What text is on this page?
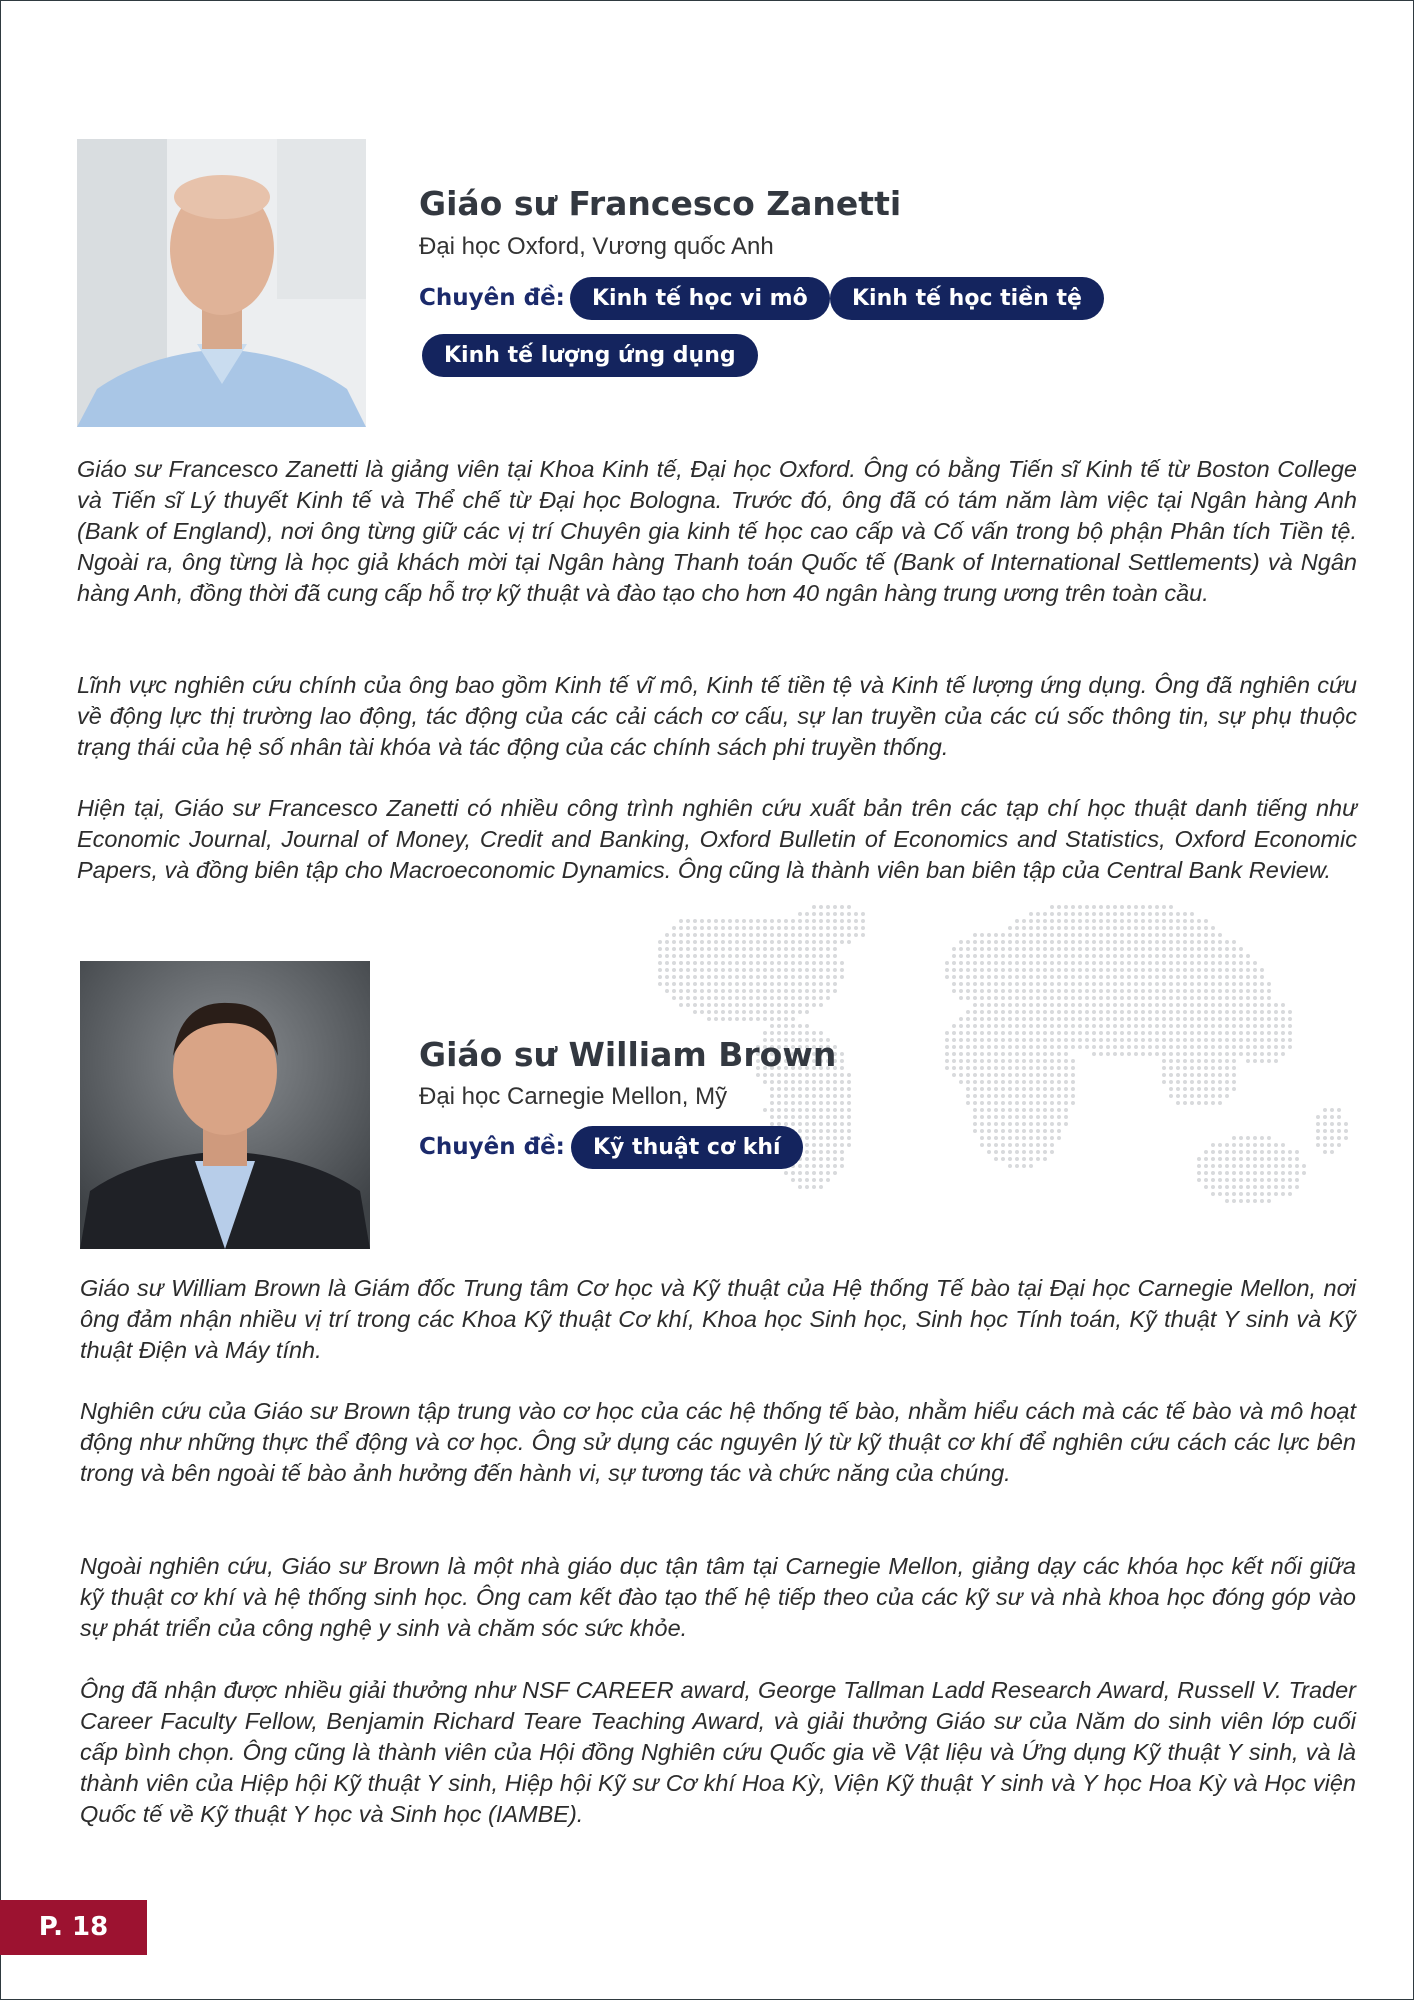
Giáo sư Francesco Zanetti
Đại học Oxford, Vương quốc Anh
Chuyên đề:	Kinh tế học vi mô	Kinh tế học tiền tệ
Kinh tế lượng ứng dụng

Giáo sư Francesco Zanetti là giảng viên tại Khoa Kinh tế, Đại học Oxford. Ông có bằng Tiến sĩ Kinh tế từ Boston College và Tiến sĩ Lý thuyết Kinh tế và Thể chế từ Đại học Bologna. Trước đó, ông đã có tám năm làm việc tại Ngân hàng Anh (Bank of England), nơi ông từng giữ các vị trí Chuyên gia kinh tế học cao cấp và Cố vấn trong bộ phận Phân tích Tiền tệ. Ngoài ra, ông từng là học giả khách mời tại Ngân hàng Thanh toán Quốc tế (Bank of International Settlements) và Ngân hàng Anh, đồng thời đã cung cấp hỗ trợ kỹ thuật và đào tạo cho hơn 40 ngân hàng trung ương trên toàn cầu.

Lĩnh vực nghiên cứu chính của ông bao gồm Kinh tế vĩ mô, Kinh tế tiền tệ và Kinh tế lượng ứng dụng. Ông đã nghiên cứu về động lực thị trường lao động, tác động của các cải cách cơ cấu, sự lan truyền của các cú sốc thông tin, sự phụ thuộc trạng thái của hệ số nhân tài khóa và tác động của các chính sách phi truyền thống.

Hiện tại, Giáo sư Francesco Zanetti có nhiều công trình nghiên cứu xuất bản trên các tạp chí học thuật danh tiếng như Economic Journal, Journal of Money, Credit and Banking, Oxford Bulletin of Economics and Statistics, Oxford Economic Papers, và đồng biên tập cho Macroeconomic Dynamics. Ông cũng là thành viên ban biên tập của Central Bank Review.

Giáo sư William Brown
Đại học Carnegie Mellon, Mỹ
Chuyên đề:	Kỹ thuật cơ khí

Giáo sư William Brown là Giám đốc Trung tâm Cơ học và Kỹ thuật của Hệ thống Tế bào tại Đại học Carnegie Mellon, nơi ông đảm nhận nhiều vị trí trong các Khoa Kỹ thuật Cơ khí, Khoa học Sinh học, Sinh học Tính toán, Kỹ thuật Y sinh và Kỹ thuật Điện và Máy tính.

Nghiên cứu của Giáo sư Brown tập trung vào cơ học của các hệ thống tế bào, nhằm hiểu cách mà các tế bào và mô hoạt động như những thực thể động và cơ học. Ông sử dụng các nguyên lý từ kỹ thuật cơ khí để nghiên cứu cách các lực bên trong và bên ngoài tế bào ảnh hưởng đến hành vi, sự tương tác và chức năng của chúng.

Ngoài nghiên cứu, Giáo sư Brown là một nhà giáo dục tận tâm tại Carnegie Mellon, giảng dạy các khóa học kết nối giữa kỹ thuật cơ khí và hệ thống sinh học. Ông cam kết đào tạo thế hệ tiếp theo của các kỹ sư và nhà khoa học đóng góp vào sự phát triển của công nghệ y sinh và chăm sóc sức khỏe.

Ông đã nhận được nhiều giải thưởng như NSF CAREER award, George Tallman Ladd Research Award, Russell V. Trader Career Faculty Fellow, Benjamin Richard Teare Teaching Award, và giải thưởng Giáo sư của Năm do sinh viên lớp cuối cấp bình chọn. Ông cũng là thành viên của Hội đồng Nghiên cứu Quốc gia về Vật liệu và Ứng dụng Kỹ thuật Y sinh, và là thành viên của Hiệp hội Kỹ thuật Y sinh, Hiệp hội Kỹ sư Cơ khí Hoa Kỳ, Viện Kỹ thuật Y sinh và Y học Hoa Kỳ và Học viện Quốc tế về Kỹ thuật Y học và Sinh học (IAMBE).

P. 18
